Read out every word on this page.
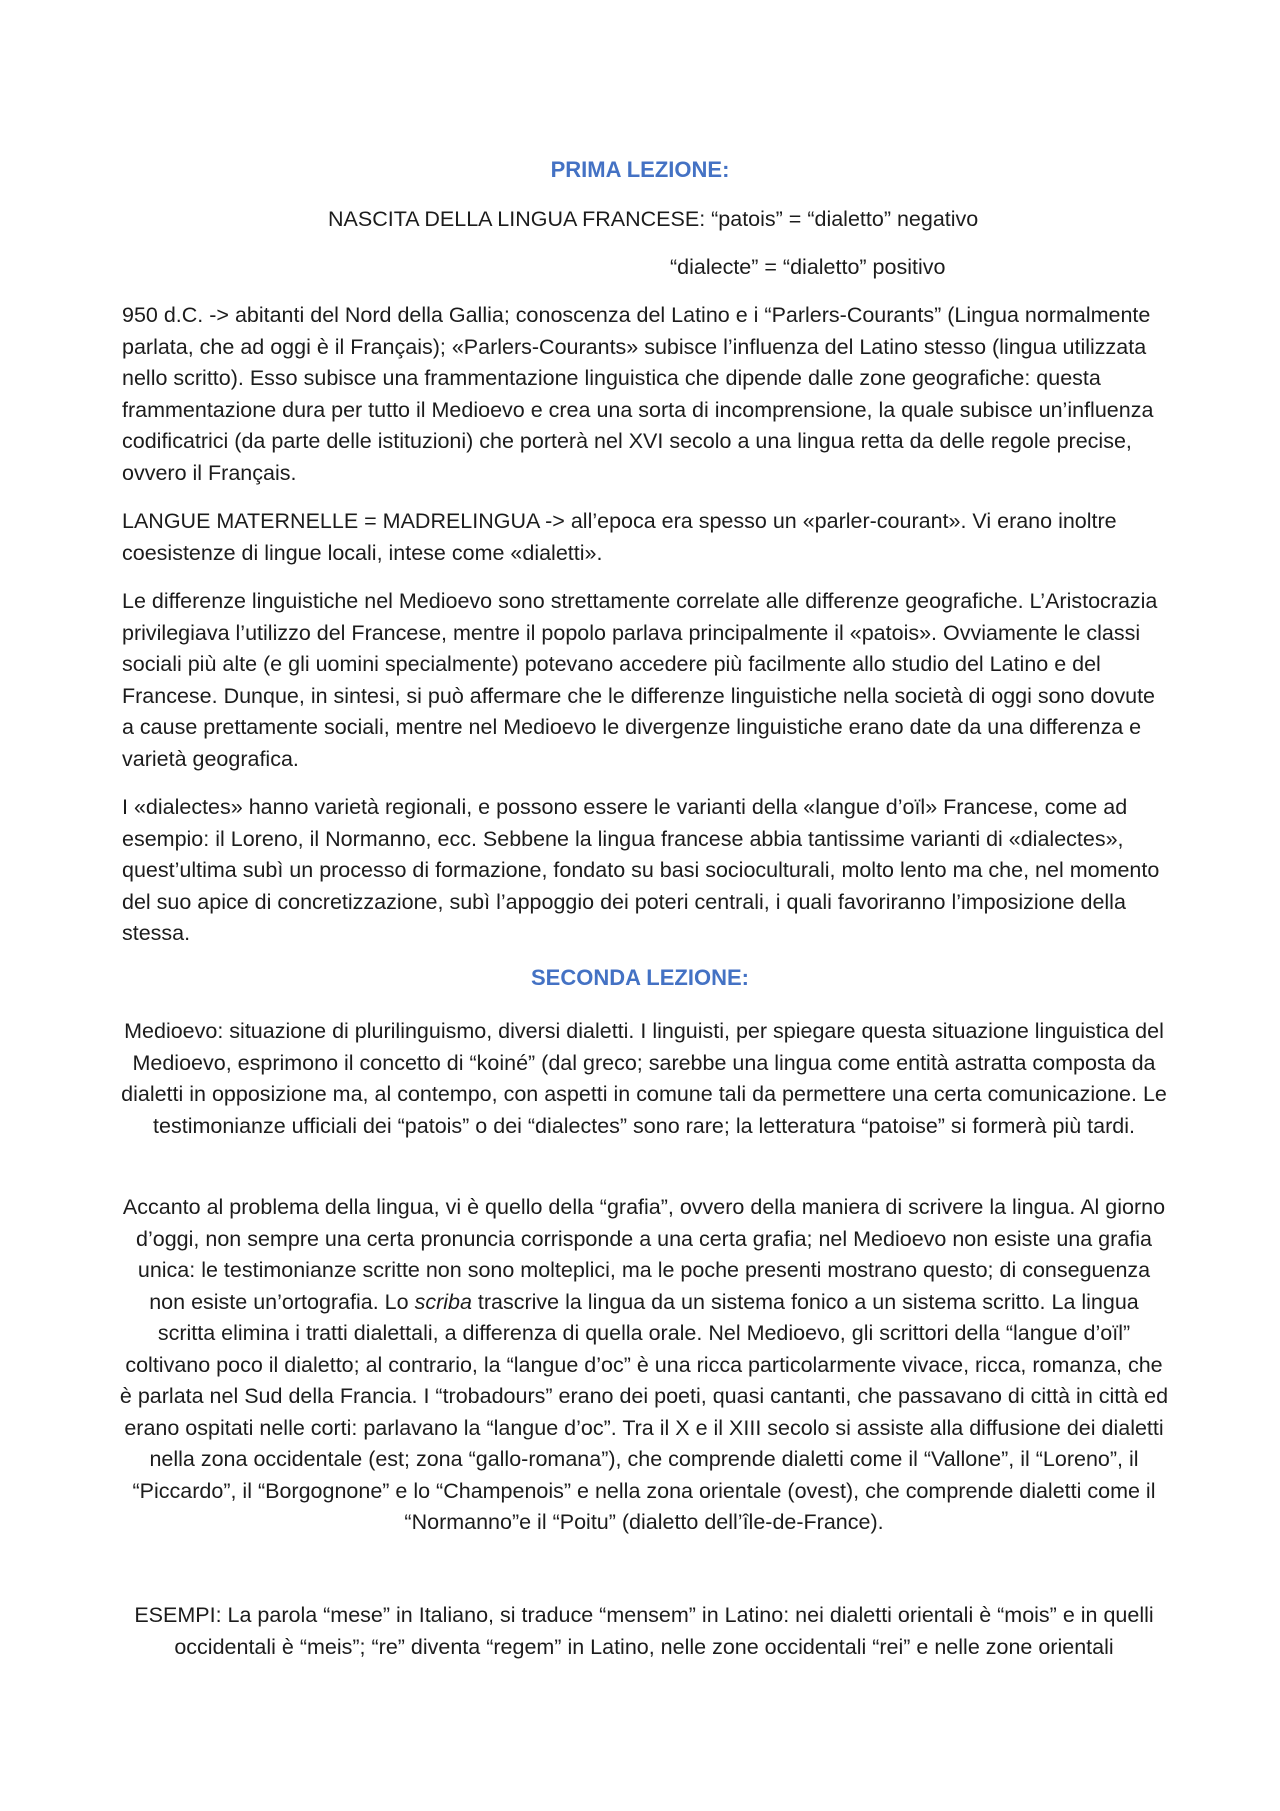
PRIMA LEZIONE:

NASCITA DELLA LINGUA FRANCESE: “patois” = “dialetto” negativo

“dialecte” = “dialetto” positivo

950 d.C. -> abitanti del Nord della Gallia; conoscenza del Latino e i “Parlers-Courants” (Lingua normalmente parlata, che ad oggi è il Français); «Parlers-Courants» subisce l’influenza del Latino stesso (lingua utilizzata nello scritto). Esso subisce una frammentazione linguistica che dipende dalle zone geografiche: questa frammentazione dura per tutto il Medioevo e crea una sorta di incomprensione, la quale subisce un’influenza codificatrici (da parte delle istituzioni) che porterà nel XVI secolo a una lingua retta da delle regole precise, ovvero il Français.

LANGUE MATERNELLE = MADRELINGUA -> all’epoca era spesso un «parler-courant». Vi erano inoltre coesistenze di lingue locali, intese come «dialetti».

Le differenze linguistiche nel Medioevo sono strettamente correlate alle differenze geografiche. L’Aristocrazia privilegiava l’utilizzo del Francese, mentre il popolo parlava principalmente il «patois». Ovviamente le classi sociali più alte (e gli uomini specialmente) potevano accedere più facilmente allo studio del Latino e del Francese. Dunque, in sintesi, si può affermare che le differenze linguistiche nella società di oggi sono dovute a cause prettamente sociali, mentre nel Medioevo le divergenze linguistiche erano date da una differenza e varietà geografica.

I «dialectes» hanno varietà regionali, e possono essere le varianti della «langue d’oïl» Francese, come ad esempio: il Loreno, il Normanno, ecc. Sebbene la lingua francese abbia tantissime varianti di «dialectes», quest’ultima subì un processo di formazione, fondato su basi socioculturali, molto lento ma che, nel momento del suo apice di concretizzazione, subì l’appoggio dei poteri centrali, i quali favoriranno l’imposizione della stessa.

SECONDA LEZIONE:

Medioevo: situazione di plurilinguismo, diversi dialetti. I linguisti, per spiegare questa situazione linguistica del Medioevo, esprimono il concetto di “koiné” (dal greco; sarebbe una lingua come entità astratta composta da dialetti in opposizione ma, al contempo, con aspetti in comune tali da permettere una certa comunicazione. Le testimonianze ufficiali dei “patois” o dei “dialectes” sono rare; la letteratura “patoise” si formerà più tardi.

Accanto al problema della lingua, vi è quello della “grafia”, ovvero della maniera di scrivere la lingua. Al giorno d’oggi, non sempre una certa pronuncia corrisponde a una certa grafia; nel Medioevo non esiste una grafia unica: le testimonianze scritte non sono molteplici, ma le poche presenti mostrano questo; di conseguenza non esiste un’ortografia. Lo scriba trascrive la lingua da un sistema fonico a un sistema scritto. La lingua scritta elimina i tratti dialettali, a differenza di quella orale. Nel Medioevo, gli scrittori della “langue d’oïl” coltivano poco il dialetto; al contrario, la “langue d’oc” è una ricca particolarmente vivace, ricca, romanza, che è parlata nel Sud della Francia. I “trobadours” erano dei poeti, quasi cantanti, che passavano di città in città ed erano ospitati nelle corti: parlavano la “langue d’oc”. Tra il X e il XIII secolo si assiste alla diffusione dei dialetti nella zona occidentale (est; zona “gallo-romana”), che comprende dialetti come il “Vallone”, il “Loreno”, il “Piccardo”, il “Borgognone” e lo “Champenois” e nella zona orientale (ovest), che comprende dialetti come il “Normanno”e il “Poitu” (dialetto dell’île-de-France).

ESEMPI: La parola “mese” in Italiano, si traduce “mensem” in Latino: nei dialetti orientali è “mois” e in quelli occidentali è “meis”; “re” diventa “regem” in Latino, nelle zone occidentali “rei” e nelle zone orientali
